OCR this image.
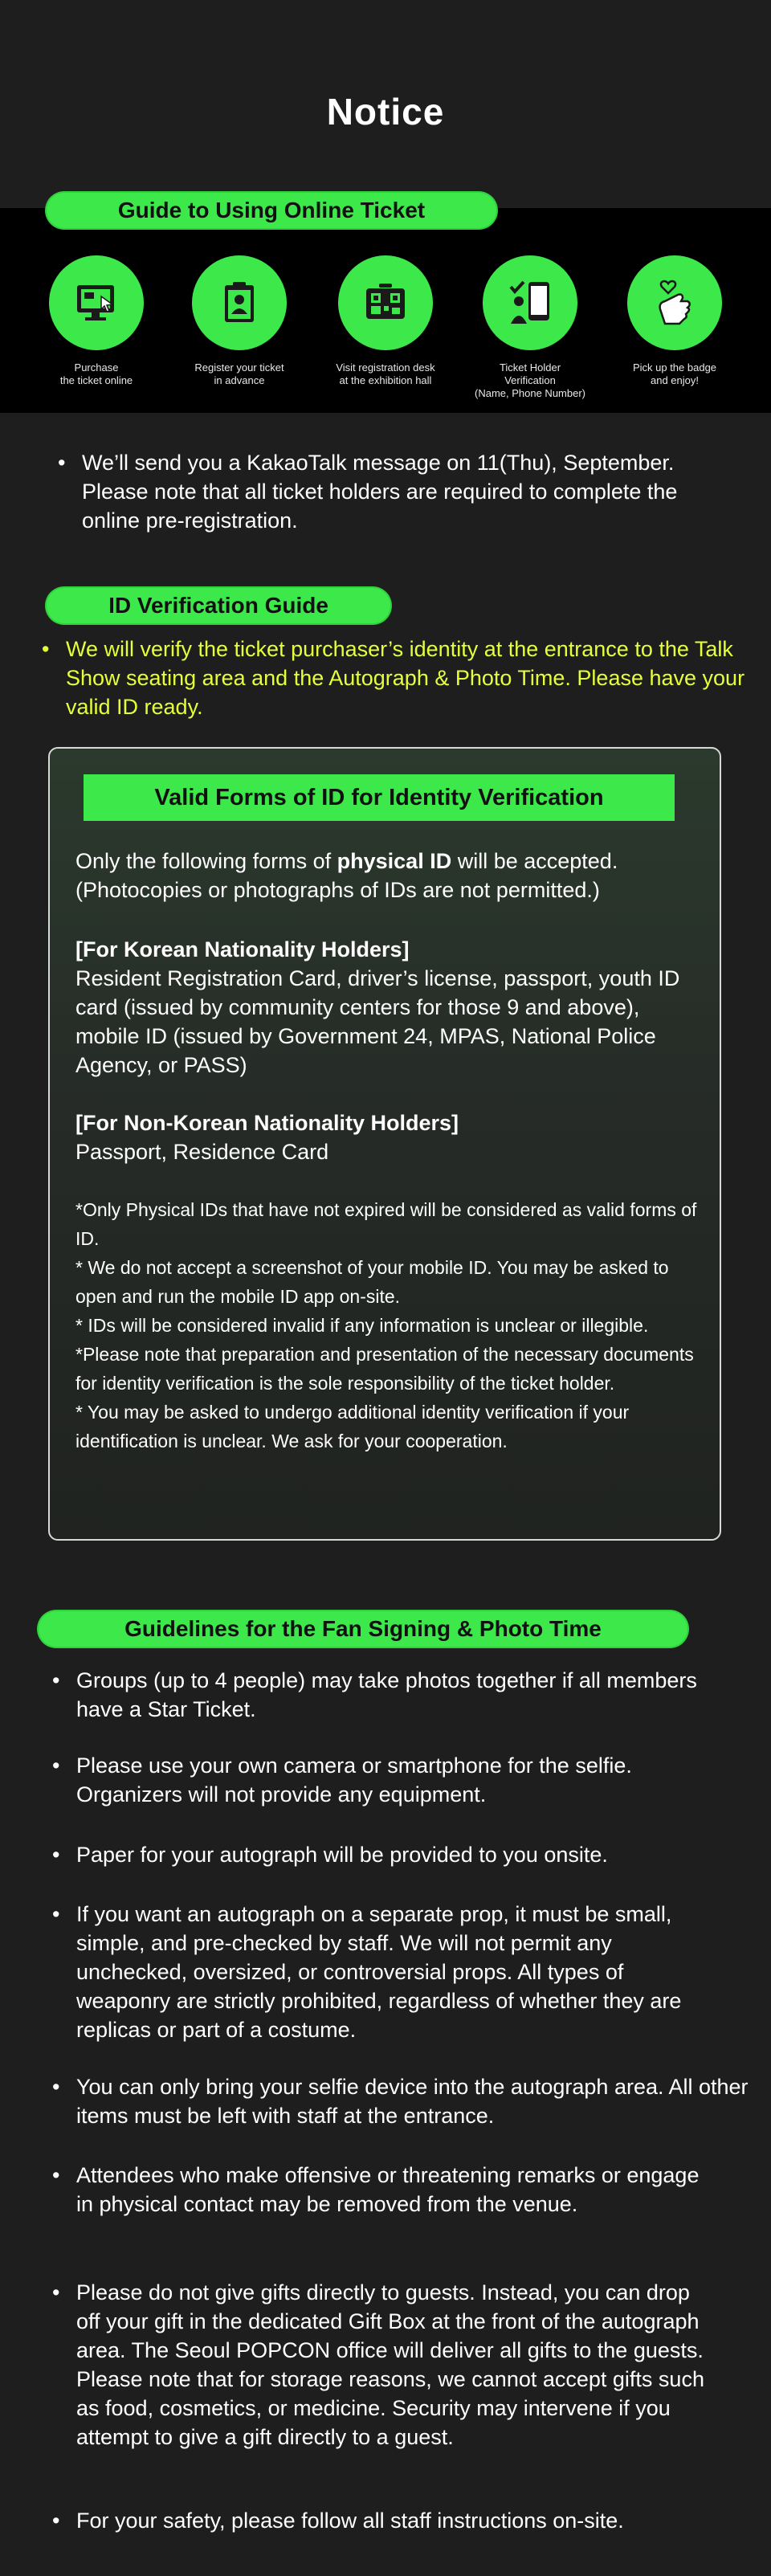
Notice
Guide to Using Online Ticket
Purchase
the ticket online
Register your ticket
in advance
Visit registration desk
at the exhibition hall
Ticket Holder
Verification
(Name, Phone Number)
Pick up the badge
and enjoy!
• We’ll send you a KakaoTalk message on 11(Thu), September. Please note that all ticket holders are required to complete the online pre-registration.
ID Verification Guide
• We will verify the ticket purchaser’s identity at the entrance to the Talk Show seating area and the Autograph & Photo Time. Please have your valid ID ready.
Valid Forms of ID for Identity Verification
Only the following forms of physical ID will be accepted. (Photocopies or photographs of IDs are not permitted.)
[For Korean Nationality Holders]
Resident Registration Card, driver’s license, passport, youth ID card (issued by community centers for those 9 and above), mobile ID (issued by Government 24, MPAS, National Police Agency, or PASS)
[For Non-Korean Nationality Holders]
Passport, Residence Card
*Only Physical IDs that have not expired will be considered as valid forms of ID.
* We do not accept a screenshot of your mobile ID. You may be asked to open and run the mobile ID app on-site.
* IDs will be considered invalid if any information is unclear or illegible.
*Please note that preparation and presentation of the necessary documents for identity verification is the sole responsibility of the ticket holder.
* You may be asked to undergo additional identity verification if your identification is unclear. We ask for your cooperation.
Guidelines for the Fan Signing & Photo Time
• Groups (up to 4 people) may take photos together if all members have a Star Ticket.
• Please use your own camera or smartphone for the selfie. Organizers will not provide any equipment.
• Paper for your autograph will be provided to you onsite.
• If you want an autograph on a separate prop, it must be small, simple, and pre-checked by staff. We will not permit any unchecked, oversized, or controversial props. All types of weaponry are strictly prohibited, regardless of whether they are replicas or part of a costume.
• You can only bring your selfie device into the autograph area. All other items must be left with staff at the entrance.
• Attendees who make offensive or threatening remarks or engage in physical contact may be removed from the venue.
• Please do not give gifts directly to guests. Instead, you can drop off your gift in the dedicated Gift Box at the front of the autograph area. The Seoul POPCON office will deliver all gifts to the guests. Please note that for storage reasons, we cannot accept gifts such as food, cosmetics, or medicine. Security may intervene if you attempt to give a gift directly to a guest.
• For your safety, please follow all staff instructions on-site.
